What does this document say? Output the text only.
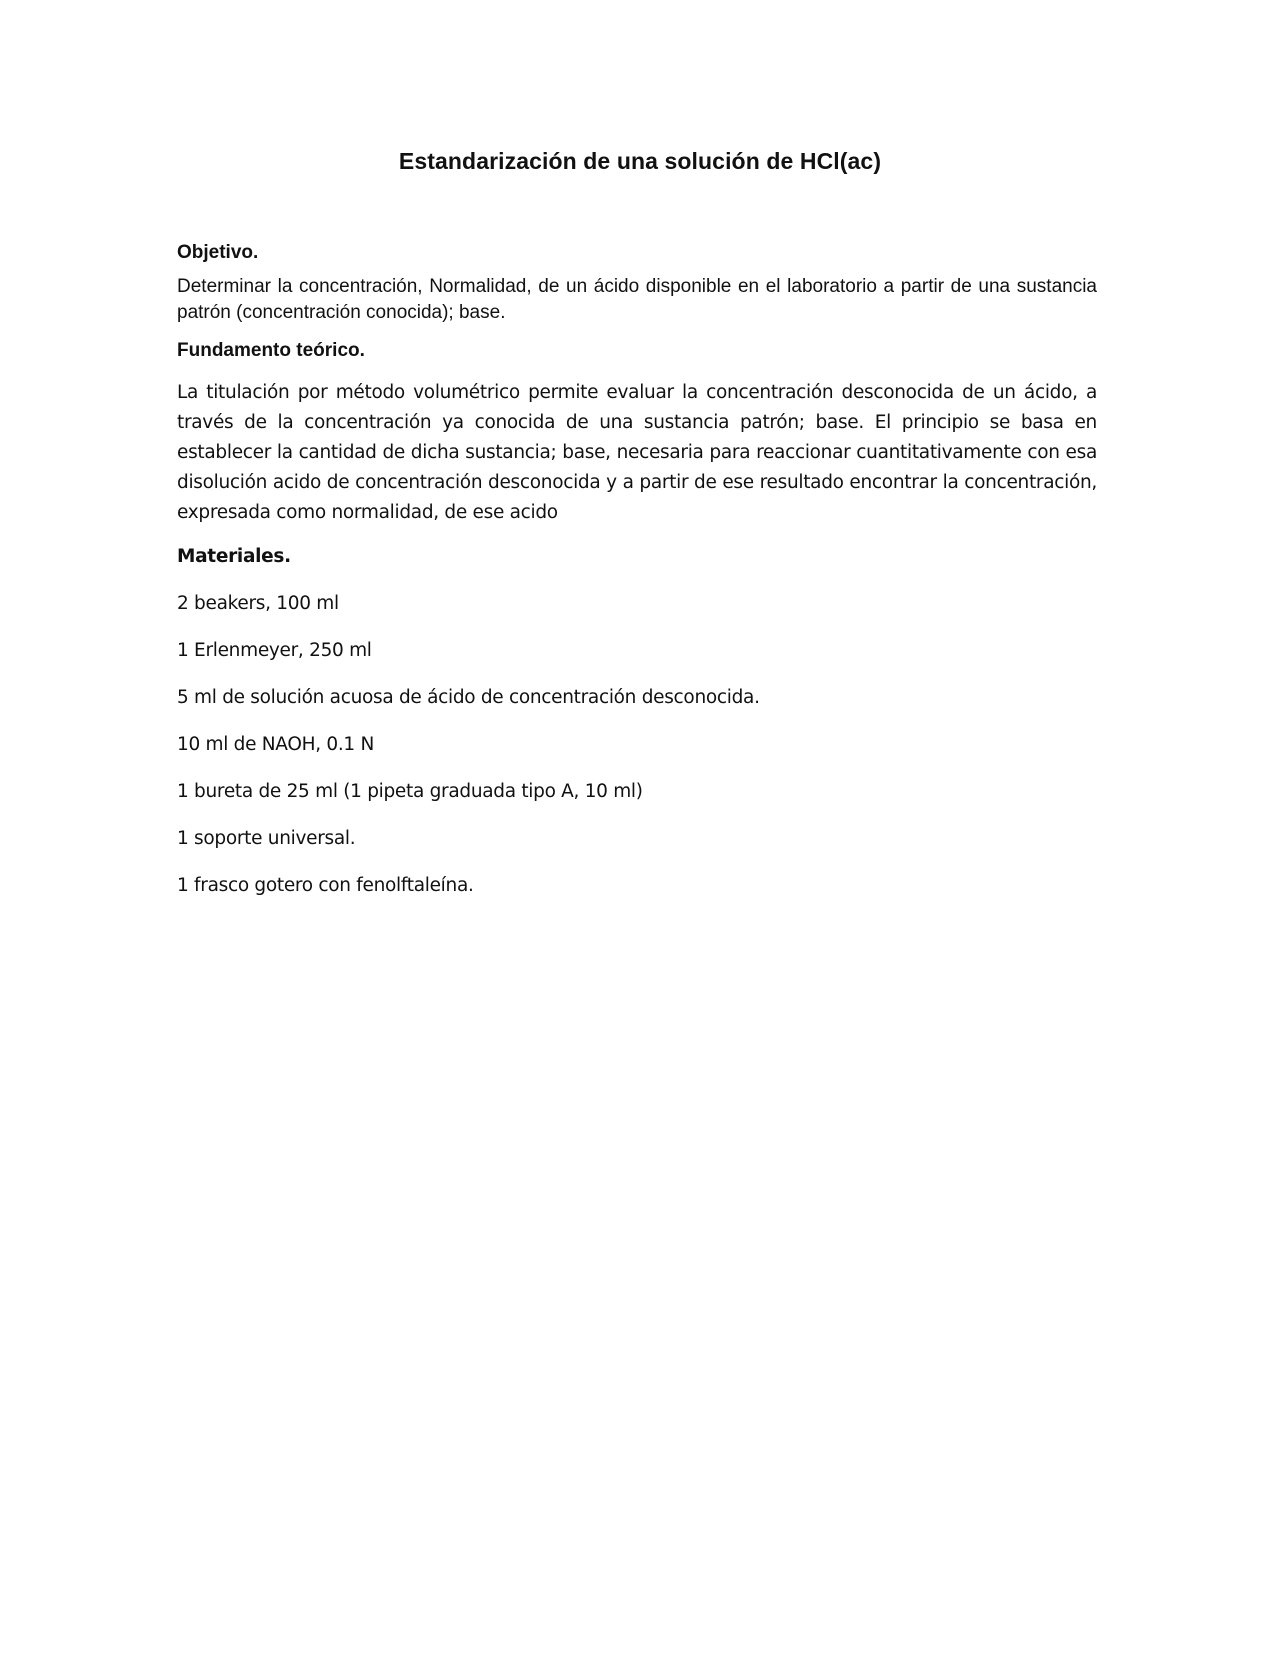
Estandarización de una solución de HCl(ac)
Objetivo.

Determinar la concentración, Normalidad, de un ácido disponible en el laboratorio a partir de una sustancia patrón (concentración conocida); base.

Fundamento teórico.

La titulación por método volumétrico permite evaluar la concentración desconocida de un ácido, a través de la concentración ya conocida de una sustancia patrón; base. El principio se basa en establecer la cantidad de dicha sustancia; base, necesaria para reaccionar cuantitativamente con esa disolución acido de concentración desconocida y a partir de ese resultado encontrar la concentración, expresada como normalidad, de ese acido

Materiales.
2 beakers, 100 ml
1 Erlenmeyer, 250 ml
5 ml de solución acuosa de ácido de concentración desconocida.
10 ml de NAOH, 0.1 N
1 bureta de 25 ml (1 pipeta graduada tipo A, 10 ml)
1 soporte universal.
1 frasco gotero con fenolftaleína.
